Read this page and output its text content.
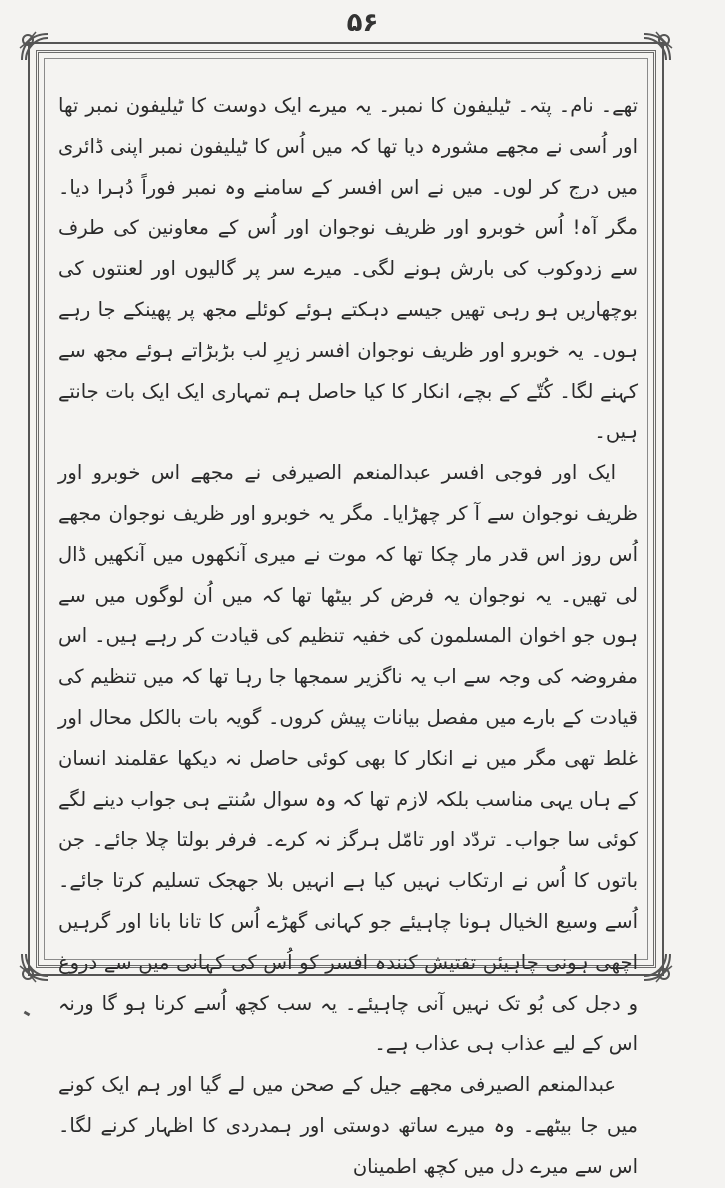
۵۶

تھے۔ نام۔ پتہ۔ ٹیلیفون کا نمبر۔ یہ میرے ایک دوست کا ٹیلیفون نمبر تھا اور اُسی نے مجھے مشورہ دیا تھا کہ میں اُس کا ٹیلیفون نمبر اپنی ڈائری میں درج کر لوں۔ میں نے اس افسر کے سامنے وہ نمبر فوراً دُہرا دیا۔ مگر آہ! اُس خوبرو اور ظریف نوجوان اور اُس کے معاونین کی طرف سے زدوکوب کی بارش ہونے لگی۔ میرے سر پر گالیوں اور لعنتوں کی بوچھاریں ہو رہی تھیں جیسے دہکتے ہوئے کوئلے مجھ پر پھینکے جا رہے ہوں۔ یہ خوبرو اور ظریف نوجوان افسر زیرِ لب بڑبڑاتے ہوئے مجھ سے کہنے لگا۔ کُتّے کے بچے، انکار کا کیا حاصل ہم تمہاری ایک ایک بات جانتے ہیں۔

ایک اور فوجی افسر عبدالمنعم الصیرفی نے مجھے اس خوبرو اور ظریف نوجوان سے آ کر چھڑایا۔ مگر یہ خوبرو اور ظریف نوجوان مجھے اُس روز اس قدر مار چکا تھا کہ موت نے میری آنکھوں میں آنکھیں ڈال لی تھیں۔ یہ نوجوان یہ فرض کر بیٹھا تھا کہ میں اُن لوگوں میں سے ہوں جو اخوان المسلمون کی خفیہ تنظیم کی قیادت کر رہے ہیں۔ اس مفروضہ کی وجہ سے اب یہ ناگزیر سمجھا جا رہا تھا کہ میں تنظیم کی قیادت کے بارے میں مفصل بیانات پیش کروں۔ گویہ بات بالکل محال اور غلط تھی مگر میں نے انکار کا بھی کوئی حاصل نہ دیکھا عقلمند انسان کے ہاں یہی مناسب بلکہ لازم تھا کہ وہ سوال سُنتے ہی جواب دینے لگے کوئی سا جواب۔ تردّد اور تامّل ہرگز نہ کرے۔ فرفر بولتا چلا جائے۔ جن باتوں کا اُس نے ارتکاب نہیں کیا ہے انہیں بلا جھجک تسلیم کرتا جائے۔ اُسے وسیع الخیال ہونا چاہیئے جو کہانی گھڑے اُس کا تانا بانا اور گرہیں اچھی ہونی چاہیئں تفتیش کنندہ افسر کو اُس کی کہانی میں سے دروغ و دجل کی بُو تک نہیں آنی چاہیئے۔ یہ سب کچھ اُسے کرنا ہو گا ورنہ اس کے لیے عذاب ہی عذاب ہے۔

عبدالمنعم الصیرفی مجھے جیل کے صحن میں لے گیا اور ہم ایک کونے میں جا بیٹھے۔ وہ میرے ساتھ دوستی اور ہمدردی کا اظہار کرنے لگا۔ اس سے میرے دل میں کچھ اطمینان
